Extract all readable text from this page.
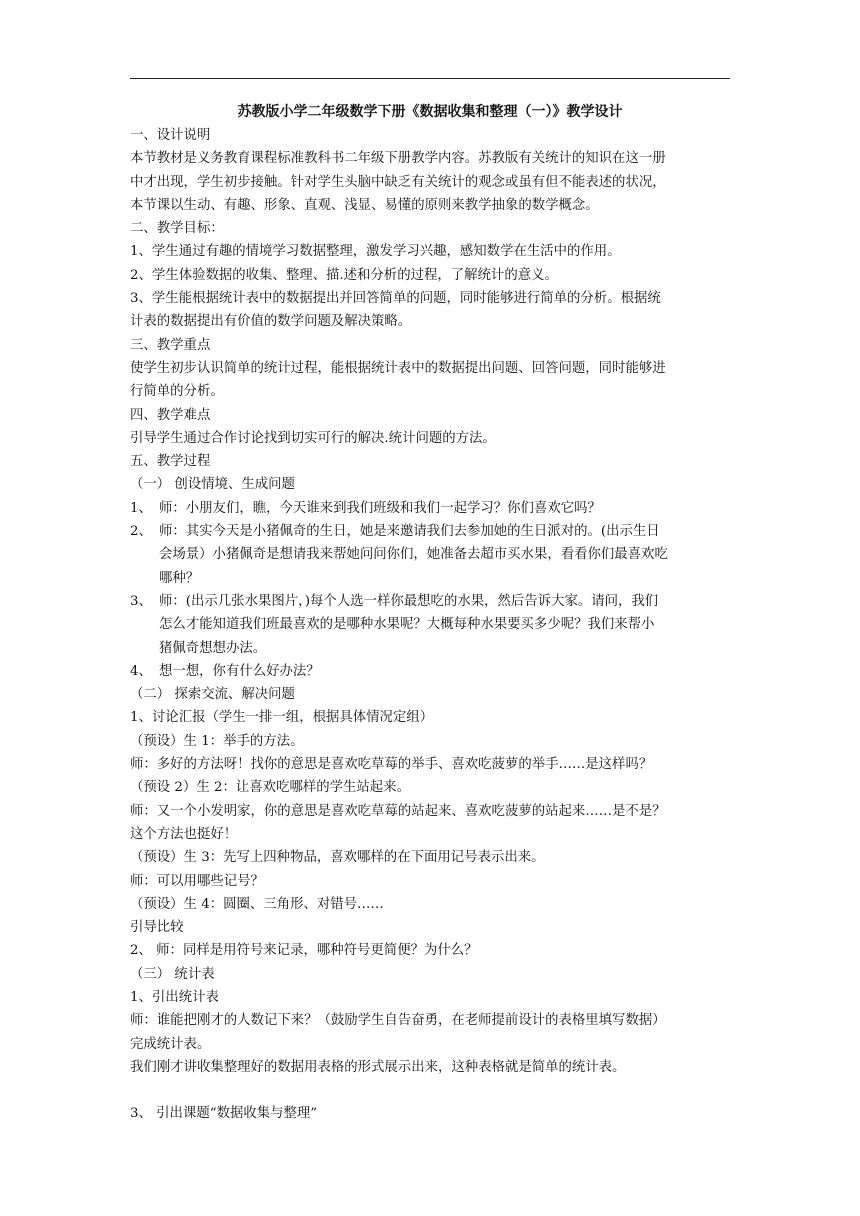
苏教版小学二年级数学下册《数据收集和整理（一）》教学设计
一、设计说明
本节教材是义务教育课程标准教科书二年级下册教学内容。苏教版有关统计的知识在这一册
中才出现，学生初步接触。针对学生头脑中缺乏有关统计的观念或虽有但不能表述的状况，
本节课以生动、有趣、形象、直观、浅显、易懂的原则来教学抽象的数学概念。
二、教学目标：
1、学生通过有趣的情境学习数据整理，激发学习兴趣，感知数学在生活中的作用。
2、学生体验数据的收集、整理、描.述和分析的过程，了解统计的意义。
3、学生能根据统计表中的数据提出并回答简单的问题，同时能够进行简单的分析。根据统
计表的数据提出有价值的数学问题及解决策略。
三、教学重点
使学生初步认识简单的统计过程，能根据统计表中的数据提出问题、回答问题，同时能够进
行简单的分析。
四、教学难点
引导学生通过合作讨论找到切实可行的解决.统计问题的方法。
五、教学过程
（一） 创设情境、生成问题
1、 师：小朋友们，瞧，今天谁来到我们班级和我们一起学习？你们喜欢它吗？
2、 师：其实今天是小猪佩奇的生日，她是来邀请我们去参加她的生日派对的。(出示生日
会场景）小猪佩奇是想请我来帮她问问你们，她准备去超市买水果，看看你们最喜欢吃
哪种？
3、 师：(出示几张水果图片，)每个人选一样你最想吃的水果，然后告诉大家。请问，我们
怎么才能知道我们班最喜欢的是哪种水果呢？大概每种水果要买多少呢？我们来帮小
猪佩奇想想办法。
4、 想一想，你有什么好办法？
（二） 探索交流、解决问题
1、讨论汇报（学生一排一组，根据具体情况定组）
（预设）生 1：举手的方法。
师：多好的方法呀！找你的意思是喜欢吃草莓的举手、喜欢吃菠萝的举手……是这样吗？
（预设 2）生 2：让喜欢吃哪样的学生站起来。
师：又一个小发明家，你的意思是喜欢吃草莓的站起来、喜欢吃菠萝的站起来……是不是？
这个方法也挺好！
（预设）生 3：先写上四种物品，喜欢哪样的在下面用记号表示出来。
师：可以用哪些记号？
（预设）生 4：圆圈、三角形、对错号……
引导比较
2、 师：同样是用符号来记录，哪种符号更简便？为什么？
（三） 统计表
1、引出统计表
师：谁能把刚才的人数记下来？（鼓励学生自告奋勇，在老师提前设计的表格里填写数据）
完成统计表。
我们刚才讲收集整理好的数据用表格的形式展示出来，这种表格就是简单的统计表。
3、 引出课题“数据收集与整理”
